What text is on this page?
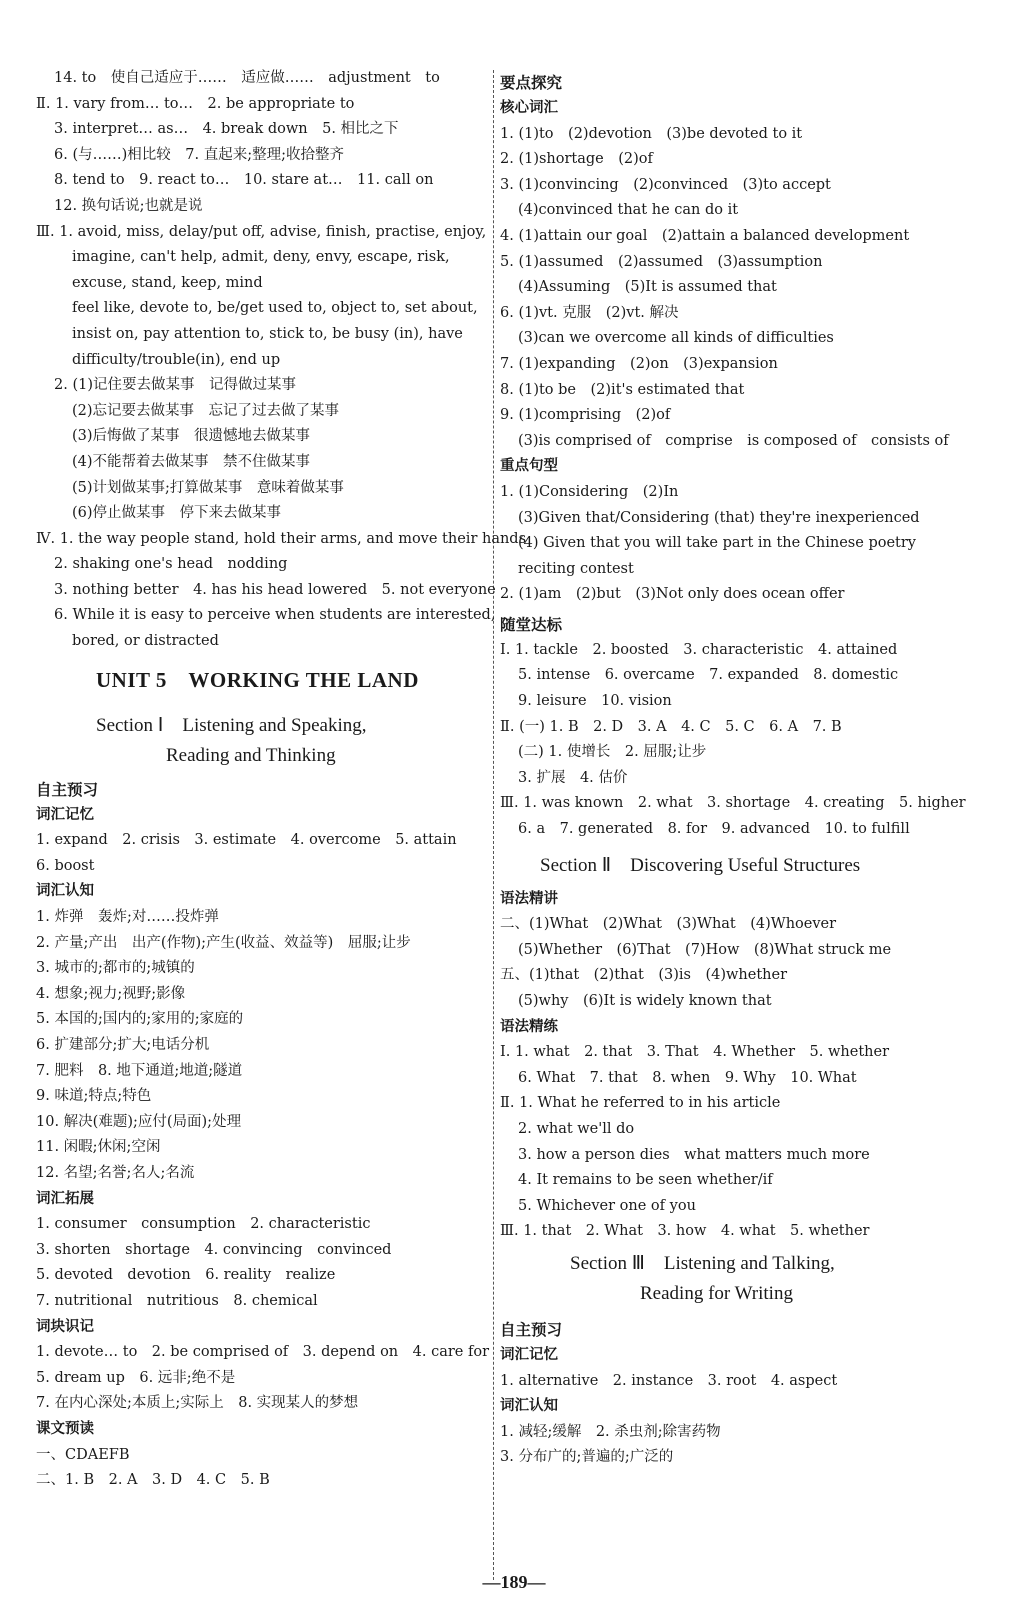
14. to　使自己适应于……　适应做……　adjustment　to
Ⅱ. 1. vary from… to…　2. be appropriate to
3. interpret… as…　4. break down　5. 相比之下
6. (与……)相比较　7. 直起来;整理;收拾整齐
8. tend to　9. react to…　10. stare at…　11. call on
12. 换句话说;也就是说
Ⅲ. 1. avoid, miss, delay/put off, advise, finish, practise, enjoy,
imagine, can't help, admit, deny, envy, escape, risk,
excuse, stand, keep, mind
feel like, devote to, be/get used to, object to, set about,
insist on, pay attention to, stick to, be busy (in), have
difficulty/trouble(in), end up
2. (1)记住要去做某事　记得做过某事
(2)忘记要去做某事　忘记了过去做了某事
(3)后悔做了某事　很遗憾地去做某事
(4)不能帮着去做某事　禁不住做某事
(5)计划做某事;打算做某事　意味着做某事
(6)停止做某事　停下来去做某事
Ⅳ. 1. the way people stand, hold their arms, and move their hands
2. shaking one's head　nodding
3. nothing better　4. has his head lowered　5. not everyone
6. While it is easy to perceive when students are interested,
bored, or distracted
UNIT 5　WORKING THE LAND
Section Ⅰ　Listening and Speaking,
Reading and Thinking
自主预习
词汇记忆
1. expand　2. crisis　3. estimate　4. overcome　5. attain
6. boost
词汇认知
1. 炸弹　轰炸;对……投炸弹
2. 产量;产出　出产(作物);产生(收益、效益等)　屈服;让步
3. 城市的;都市的;城镇的
4. 想象;视力;视野;影像
5. 本国的;国内的;家用的;家庭的
6. 扩建部分;扩大;电话分机
7. 肥料　8. 地下通道;地道;隧道
9. 味道;特点;特色
10. 解决(难题);应付(局面);处理
11. 闲暇;休闲;空闲
12. 名望;名誉;名人;名流
词汇拓展
1. consumer　consumption　2. characteristic
3. shorten　shortage　4. convincing　convinced
5. devoted　devotion　6. reality　realize
7. nutritional　nutritious　8. chemical
词块识记
1. devote… to　2. be comprised of　3. depend on　4. care for
5. dream up　6. 远非;绝不是
7. 在内心深处;本质上;实际上　8. 实现某人的梦想
课文预读
一、CDAEFB
二、1. B　2. A　3. D　4. C　5. B
要点探究
核心词汇
1. (1)to　(2)devotion　(3)be devoted to it
2. (1)shortage　(2)of
3. (1)convincing　(2)convinced　(3)to accept
(4)convinced that he can do it
4. (1)attain our goal　(2)attain a balanced development
5. (1)assumed　(2)assumed　(3)assumption
(4)Assuming　(5)It is assumed that
6. (1)vt. 克服　(2)vt. 解决
(3)can we overcome all kinds of difficulties
7. (1)expanding　(2)on　(3)expansion
8. (1)to be　(2)it's estimated that
9. (1)comprising　(2)of
(3)is comprised of　comprise　is composed of　consists of
重点句型
1. (1)Considering　(2)In
(3)Given that/Considering (that) they're inexperienced
(4) Given that you will take part in the Chinese poetry
reciting contest
2. (1)am　(2)but　(3)Not only does ocean offer
随堂达标
Ⅰ. 1. tackle　2. boosted　3. characteristic　4. attained
5. intense　6. overcame　7. expanded　8. domestic
9. leisure　10. vision
Ⅱ. (一) 1. B　2. D　3. A　4. C　5. C　6. A　7. B
(二) 1. 使增长　2. 屈服;让步
3. 扩展　4. 估价
Ⅲ. 1. was known　2. what　3. shortage　4. creating　5. higher
6. a　7. generated　8. for　9. advanced　10. to fulfill
Section Ⅱ　Discovering Useful Structures
语法精讲
二、(1)What　(2)What　(3)What　(4)Whoever
(5)Whether　(6)That　(7)How　(8)What struck me
五、(1)that　(2)that　(3)is　(4)whether
(5)why　(6)It is widely known that
语法精练
Ⅰ. 1. what　2. that　3. That　4. Whether　5. whether
6. What　7. that　8. when　9. Why　10. What
Ⅱ. 1. What he referred to in his article
2. what we'll do
3. how a person dies　what matters much more
4. It remains to be seen whether/if
5. Whichever one of you
Ⅲ. 1. that　2. What　3. how　4. what　5. whether
Section Ⅲ　Listening and Talking,
Reading for Writing
自主预习
词汇记忆
1. alternative　2. instance　3. root　4. aspect
词汇认知
1. 减轻;缓解　2. 杀虫剂;除害药物
3. 分布广的;普遍的;广泛的
—189—
